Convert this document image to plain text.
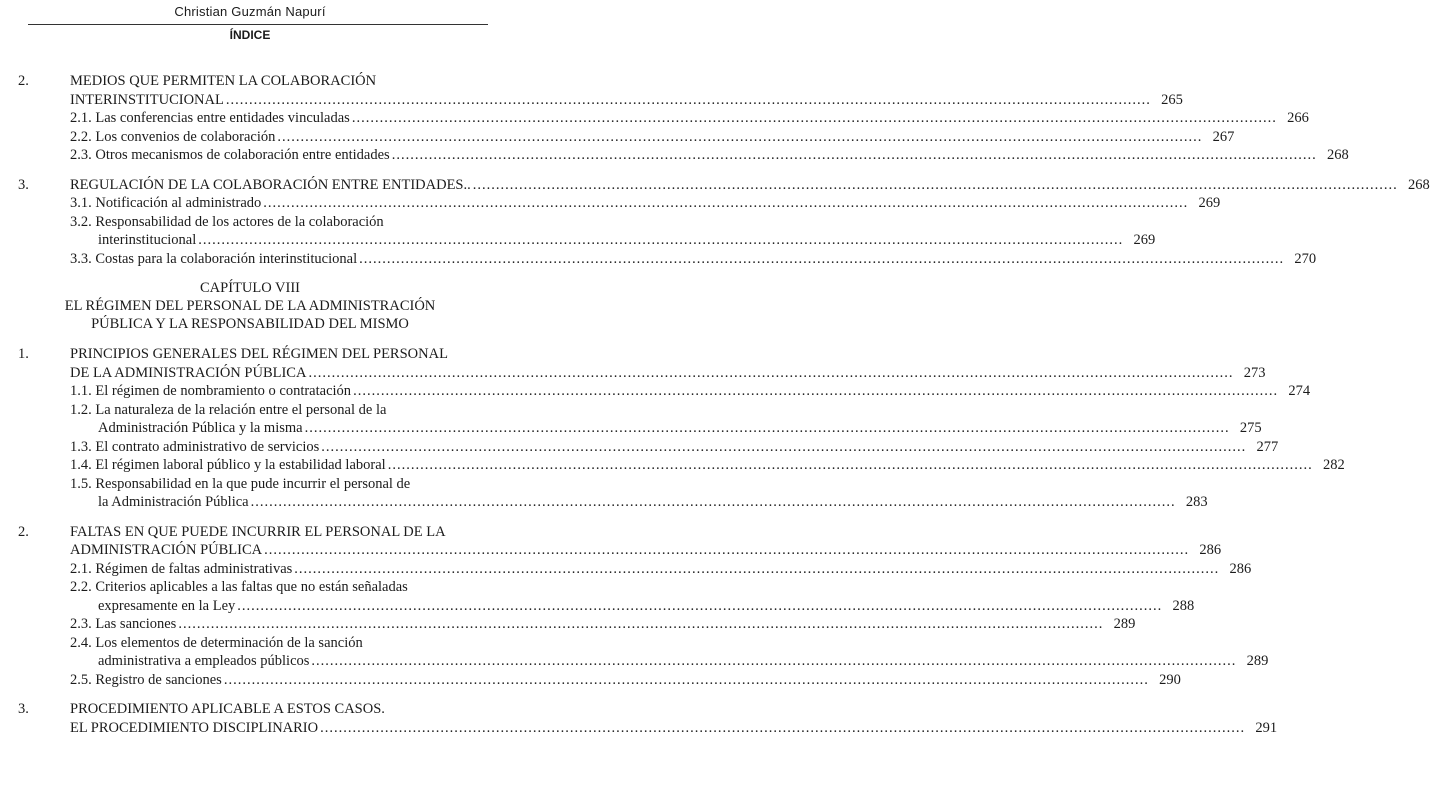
Christian Guzmán Napurí
ÍNDICE
2.	MEDIOS QUE PERMITEN LA COLABORACIÓN
INTERINSTITUCIONAL ........................................................................................................................................................................................................ 265
2.1. Las conferencias entre entidades vinculadas ........................................................................................................................................................................................................ 266
2.2. Los convenios de colaboración ........................................................................................................................................................................................................ 267
2.3. Otros mecanismos de colaboración entre entidades ........................................................................................................................................................................................................ 268
3.	REGULACIÓN DE LA COLABORACIÓN ENTRE ENTIDADES.. ........................................................................................................................................................................................................ 268
3.1. Notificación al administrado ........................................................................................................................................................................................................ 269
3.2. Responsabilidad de los actores de la colaboración
interinstitucional ........................................................................................................................................................................................................ 269
3.3. Costas para la colaboración interinstitucional ........................................................................................................................................................................................................ 270
CAPÍTULO VIII
EL RÉGIMEN DEL PERSONAL DE LA ADMINISTRACIÓN
PÚBLICA Y LA RESPONSABILIDAD DEL MISMO
1.	PRINCIPIOS GENERALES DEL RÉGIMEN DEL PERSONAL
DE LA ADMINISTRACIÓN PÚBLICA ........................................................................................................................................................................................................ 273
1.1. El régimen de nombramiento o contratación ........................................................................................................................................................................................................ 274
1.2. La naturaleza de la relación entre el personal de la
Administración Pública y la misma ........................................................................................................................................................................................................ 275
1.3. El contrato administrativo de servicios ........................................................................................................................................................................................................ 277
1.4. El régimen laboral público y la estabilidad laboral ........................................................................................................................................................................................................ 282
1.5. Responsabilidad en la que pude incurrir el personal de
la Administración Pública ........................................................................................................................................................................................................ 283
2.	FALTAS EN QUE PUEDE INCURRIR EL PERSONAL DE LA
ADMINISTRACIÓN PÚBLICA ........................................................................................................................................................................................................ 286
2.1. Régimen de faltas administrativas ........................................................................................................................................................................................................ 286
2.2. Criterios aplicables a las faltas que no están señaladas
expresamente en la Ley ........................................................................................................................................................................................................ 288
2.3. Las sanciones ........................................................................................................................................................................................................ 289
2.4. Los elementos de determinación de la sanción
administrativa a empleados públicos ........................................................................................................................................................................................................ 289
2.5. Registro de sanciones ........................................................................................................................................................................................................ 290
3.	PROCEDIMIENTO APLICABLE A ESTOS CASOS.
EL PROCEDIMIENTO DISCIPLINARIO ........................................................................................................................................................................................................ 291
